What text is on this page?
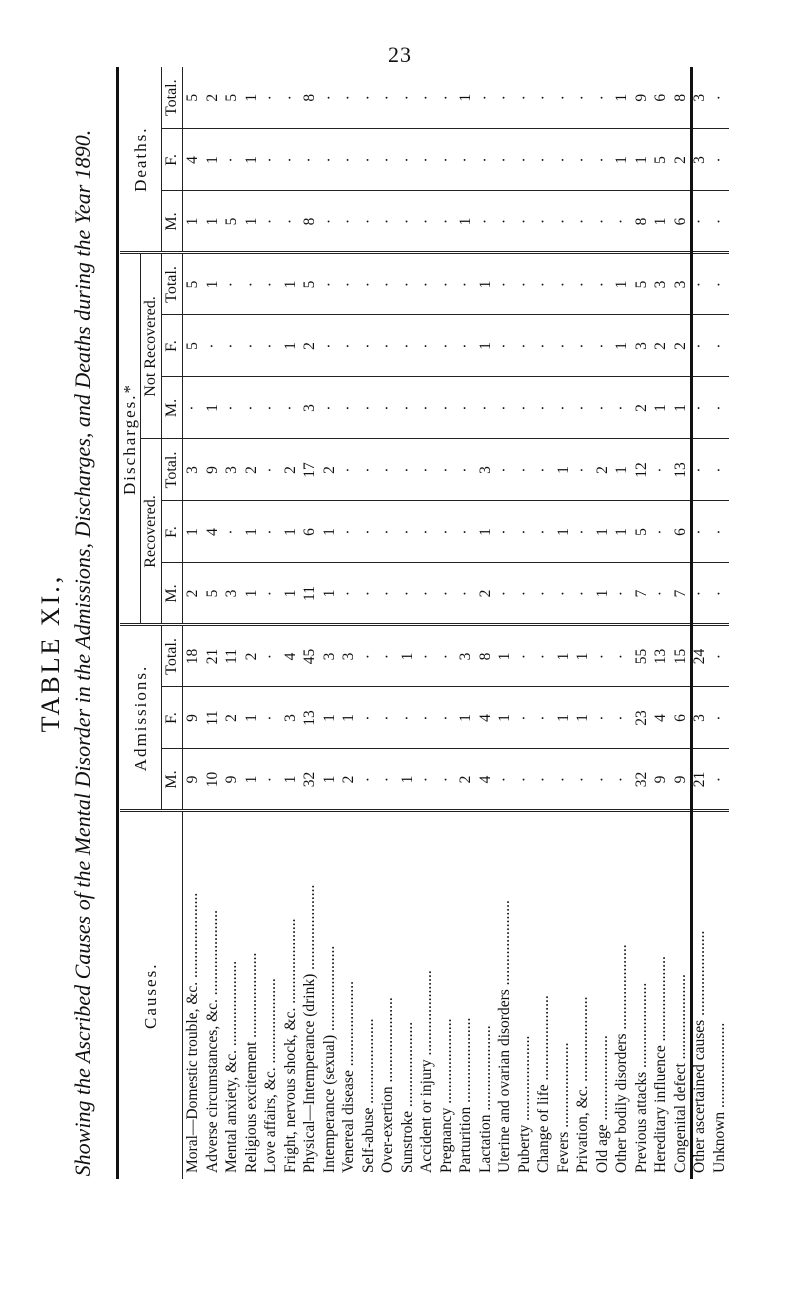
23
TABLE XI., Showing the Ascribed Causes of the Mental Disorder in the Admissions, Discharges, and Deaths during the Year 1890.	Causes.	Admissions.			Discharges.*						Deaths.		
				Recovered.			Not Recovered.					
	M.	F.	Total.	M.	F.	Total.	M.	F.	Total.	M.	F.	Total.
Moral—Domestic trouble, &c. ......................	9	9	18	2	1	3	·	5	5	1	4	5
Adverse circumstances, &c. ......................	10	11	21	5	4	9	1	·	1	1	1	2
Mental anxiety, &c. ......................	9	2	11	3	·	3	·	·	·	5	·	5
Religious excitement ......................	1	1	2	1	1	2	·	·	·	1	1	1
Love affairs, &c. ......................	·	·	·	·	·	·	·	·	·	·	·	·
Fright, nervous shock, &c. ......................	1	3	4	1	1	2	·	1	1	·	·	·
Physical—Intemperance (drink) ......................	32	13	45	11	6	17	3	2	5	8	·	8
Intemperance (sexual) ......................	1	1	3	1	1	2	·	·	·	·	·	·
Venereal disease ......................	2	1	3	·	·	·	·	·	·	·	·	·
Self-abuse ......................	·	·	·	·	·	·	·	·	·	·	·	·
Over-exertion ......................	·	·	·	·	·	·	·	·	·	·	·	·
Sunstroke ......................	1	·	1	·	·	·	·	·	·	·	·	·
Accident or injury ......................	·	·	·	·	·	·	·	·	·	·	·	·
Pregnancy ......................	·	·	·	·	·	·	·	·	·	·	·	·
Parturition ......................	2	1	3	·	·	·	·	·	·	1	·	1
Lactation ......................	4	4	8	2	1	3	·	1	1	·	·	·
Uterine and ovarian disorders ......................	·	1	1	·	·	·	·	·	·	·	·	·
Puberty ......................	·	·	·	·	·	·	·	·	·	·	·	·
Change of life ......................	·	·	·	·	·	·	·	·	·	·	·	·
Fevers ......................	·	1	1	·	1	1	·	·	·	·	·	·
Privation, &c. ......................	·	1	1	·	·	·	·	·	·	·	·	·
Old age ......................	·	·	·	1	1	2	·	·	·	·	·	·
Other bodily disorders ......................	·	·	·	·	1	1	·	1	1	·	1	1
Previous attacks ......................	32	23	55	7	5	12	2	3	5	8	1	9
Hereditary influence ......................	9	4	13	·	·	·	1	2	3	1	5	6
Congenital defect ......................	9	6	15	7	6	13	1	2	3	6	2	8
Other ascertained causes ......................	21	3	24	·	·	·	·	·	·	·	3	3
Unknown ......................	·	·	·	·	·	·	·	·	·	·	·	·
